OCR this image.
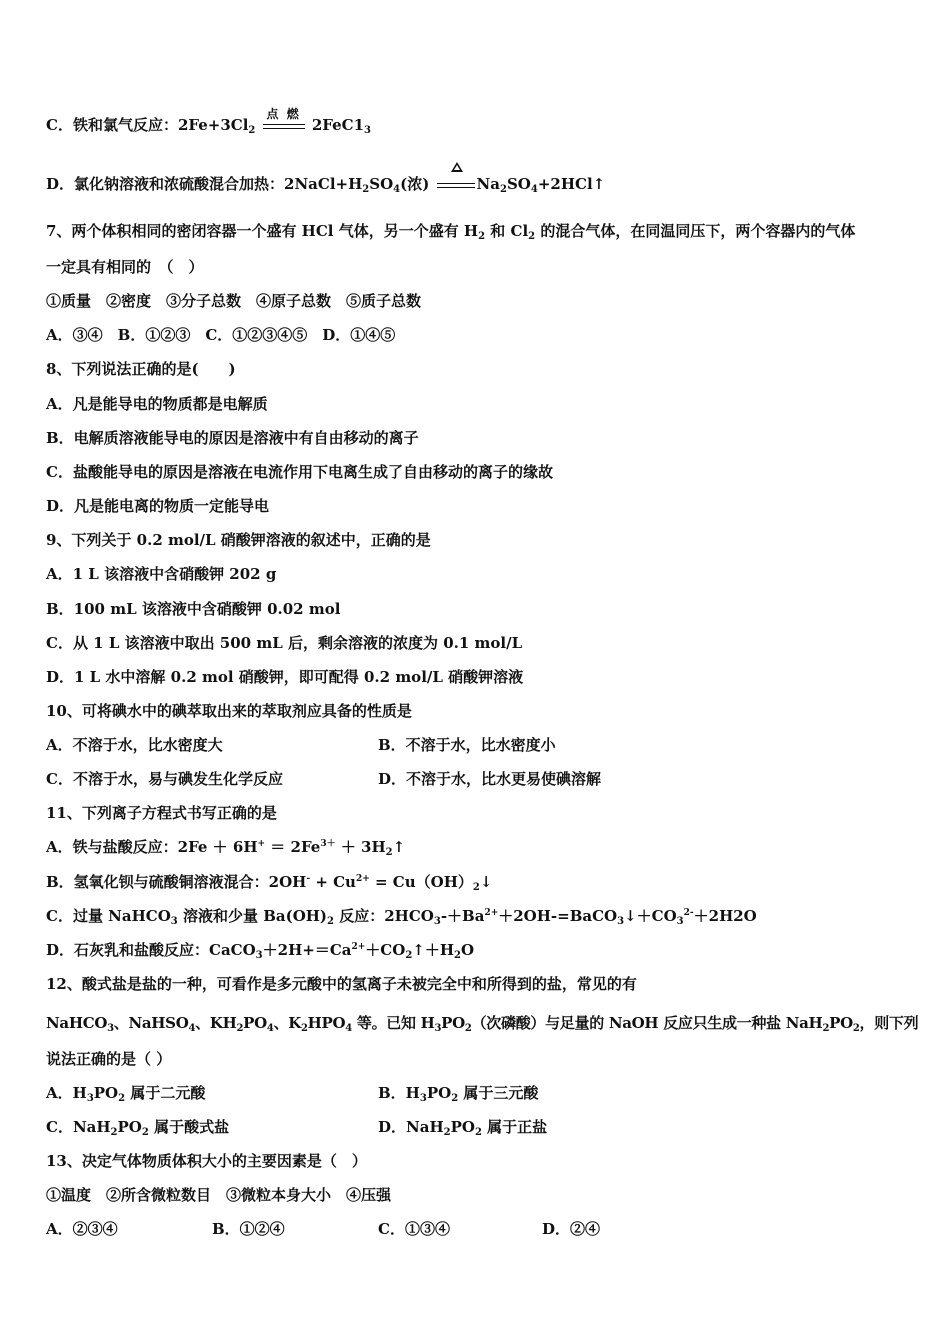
C．铁和氯气反应：$2Fe+3Cl_2$
点 燃
$2FeC1_3$
D．氯化钠溶液和浓硫酸混合加热：$2NaCl+H_2SO_4$(浓)	$Na_2SO_4+2HCl↑$
7、两个体积相同的密闭容器一个盛有 HCl 气体，另一个盛有 $H_2$ 和 $Cl_2$ 的混合气体，在同温同压下，两个容器内的气体
一定具有相同的　（　）
①质量　②密度　③分子总数　④原子总数　⑤质子总数
A．③④　B．①②③　C．①②③④⑤　D．①④⑤
8、下列说法正确的是(　　)
A．凡是能导电的物质都是电解质
B．电解质溶液能导电的原因是溶液中有自由移动的离子
C．盐酸能导电的原因是溶液在电流作用下电离生成了自由移动的离子的缘故
D．凡是能电离的物质一定能导电
9、下列关于 0.2 mol/L 硝酸钾溶液的叙述中，正确的是
A．1 L 该溶液中含硝酸钾 202 g
B．100 mL 该溶液中含硝酸钾 0.02 mol
C．从 1 L 该溶液中取出 500 mL 后，剩余溶液的浓度为 0.1 mol/L
D．1 L 水中溶解 0.2 mol 硝酸钾，即可配得 0.2 mol/L 硝酸钾溶液
10、可将碘水中的碘萃取出来的萃取剂应具备的性质是
A．不溶于水，比水密度大	B．不溶于水，比水密度小
C．不溶于水，易与碘发生化学反应	D．不溶于水，比水更易使碘溶解
11、下列离子方程式书写正确的是
A．铁与盐酸反应：$2Fe + 6H^+ = 2Fe^{3+}$ ＋ $3H_2↑$
B．氢氧化钡与硫酸铜溶液混合：$2OH^- + Cu^{2+}$ = $Cu(OH)_2↓$
C．过量 NaHCO$_3$ 溶液和少量 $Ba(OH)_2$ 反应：$2HCO_3-+Ba^{2+}+2OH-=BaCO_3↓+CO_3^{2-}+2H2O$
D．石灰乳和盐酸反应：$CaCO_3+2H+=Ca^{2+}+CO_2↑+H_2O$
12、酸式盐是盐的一种，可看作是多元酸中的氢离子未被完全中和所得到的盐，常见的有
NaHCO$_3$、NaHSO$_4$、$KH_2PO_4$、$K_2HPO_4$ 等。已知 $H_3PO_2$（次磷酸）与足量的 NaOH 反应只生成一种盐 $NaH_2PO_2$，则下列
说法正确的是（ ）
A．$H_3PO_2$ 属于二元酸	B．$H_3PO_2$ 属于三元酸
C．$NaH_2PO_2$ 属于酸式盐	D．$NaH_2PO_2$ 属于正盐
13、决定气体物质体积大小的主要因素是（　）
①温度　②所含微粒数目　③微粒本身大小　④压强
A．②③④	B．①②④	C．①③④	D．②④
